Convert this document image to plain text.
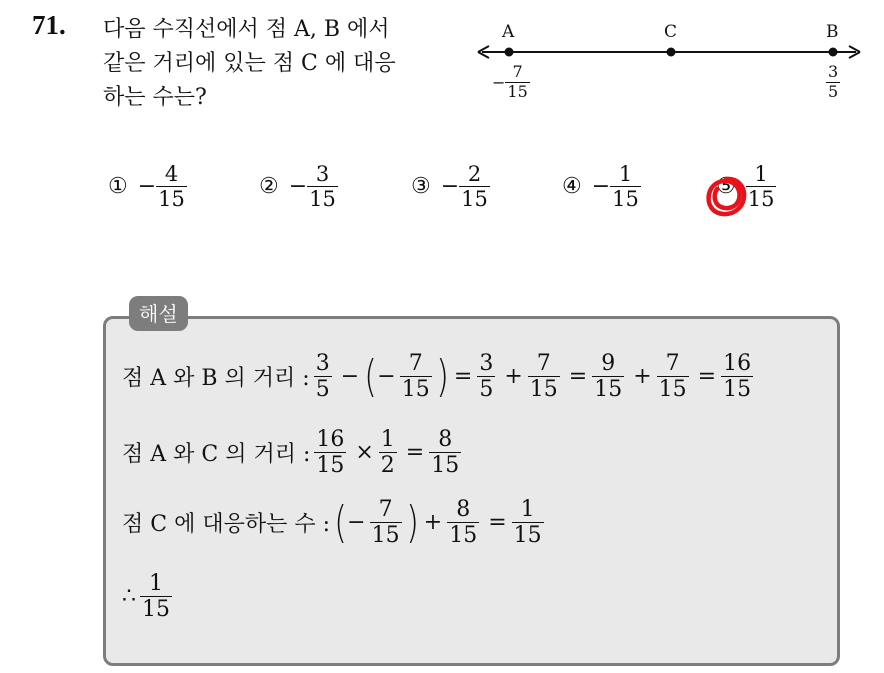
71. 다음 수직선에서 점 A, B 에서
같은 거리에 있는 점 C 에 대응
하는 수는?
A	C	B
− $\frac{7}{15}$	$\frac{3}{5}$
① − $\frac{4}{15}$	② − $\frac{3}{15}$	③ − $\frac{2}{15}$	④ − $\frac{1}{15}$	⑤ $\frac{1}{15}$
해설
점 A 와 B 의 거리 : $\frac{3}{5}$ − ( − $\frac{7}{15}$ ) = $\frac{3}{5} + \frac{7}{15} = \frac{9}{15} + \frac{7}{15} = \frac{16}{15}$
점 A 와 C 의 거리 : $\frac{16}{15} \times \frac{1}{2} = \frac{8}{15}$
점 C 에 대응하는 수 : ( − $\frac{7}{15}$ ) + $\frac{8}{15} = \frac{1}{15}$
∴ $\frac{1}{15}$
